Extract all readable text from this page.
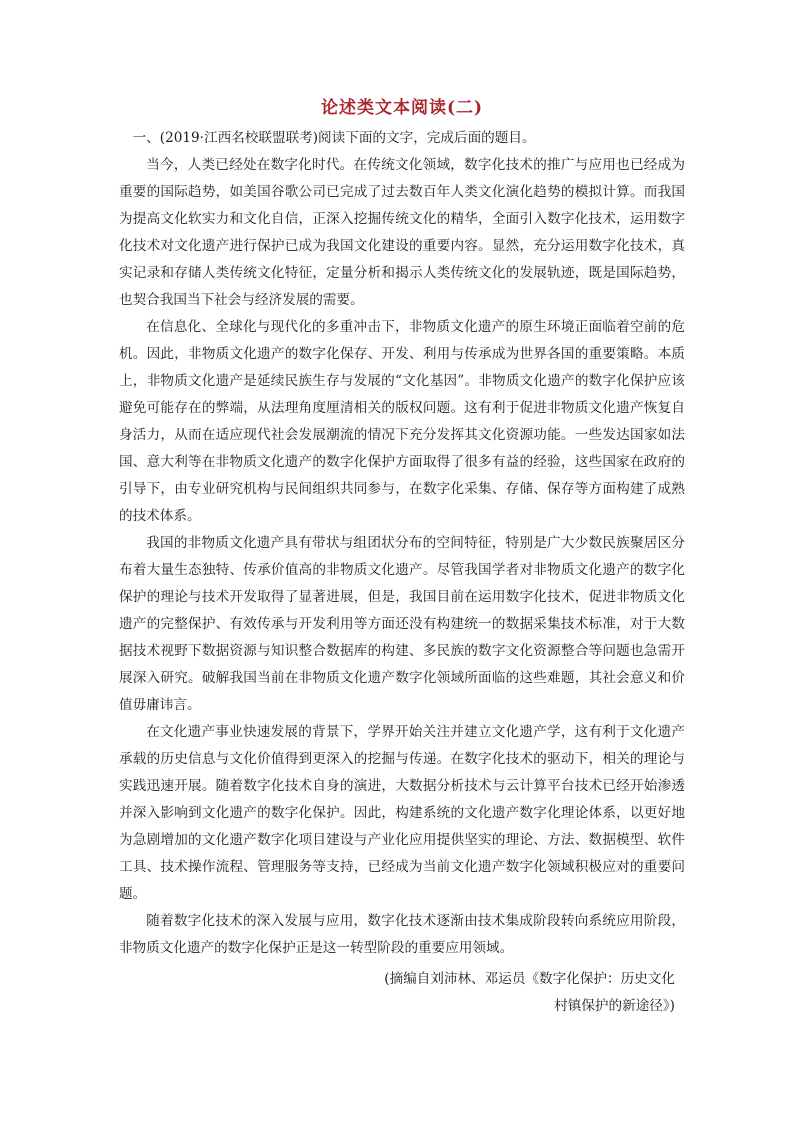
论述类文本阅读(二)

一、(2019·江西名校联盟联考)阅读下面的文字，完成后面的题目。

当今，人类已经处在数字化时代。在传统文化领域，数字化技术的推广与应用也已经成为重要的国际趋势，如美国谷歌公司已完成了过去数百年人类文化演化趋势的模拟计算。而我国为提高文化软实力和文化自信，正深入挖掘传统文化的精华，全面引入数字化技术，运用数字化技术对文化遗产进行保护已成为我国文化建设的重要内容。显然，充分运用数字化技术，真实记录和存储人类传统文化特征，定量分析和揭示人类传统文化的发展轨迹，既是国际趋势，也契合我国当下社会与经济发展的需要。

在信息化、全球化与现代化的多重冲击下，非物质文化遗产的原生环境正面临着空前的危机。因此，非物质文化遗产的数字化保存、开发、利用与传承成为世界各国的重要策略。本质上，非物质文化遗产是延续民族生存与发展的“文化基因”。非物质文化遗产的数字化保护应该避免可能存在的弊端，从法理角度厘清相关的版权问题。这有利于促进非物质文化遗产恢复自身活力，从而在适应现代社会发展潮流的情况下充分发挥其文化资源功能。一些发达国家如法国、意大利等在非物质文化遗产的数字化保护方面取得了很多有益的经验，这些国家在政府的引导下，由专业研究机构与民间组织共同参与，在数字化采集、存储、保存等方面构建了成熟的技术体系。

我国的非物质文化遗产具有带状与组团状分布的空间特征，特别是广大少数民族聚居区分布着大量生态独特、传承价值高的非物质文化遗产。尽管我国学者对非物质文化遗产的数字化保护的理论与技术开发取得了显著进展，但是，我国目前在运用数字化技术，促进非物质文化遗产的完整保护、有效传承与开发利用等方面还没有构建统一的数据采集技术标准，对于大数据技术视野下数据资源与知识整合数据库的构建、多民族的数字文化资源整合等问题也急需开展深入研究。破解我国当前在非物质文化遗产数字化领域所面临的这些难题，其社会意义和价值毋庸讳言。

在文化遗产事业快速发展的背景下，学界开始关注并建立文化遗产学，这有利于文化遗产承载的历史信息与文化价值得到更深入的挖掘与传递。在数字化技术的驱动下，相关的理论与实践迅速开展。随着数字化技术自身的演进，大数据分析技术与云计算平台技术已经开始渗透并深入影响到文化遗产的数字化保护。因此，构建系统的文化遗产数字化理论体系，以更好地为急剧增加的文化遗产数字化项目建设与产业化应用提供坚实的理论、方法、数据模型、软件工具、技术操作流程、管理服务等支持，已经成为当前文化遗产数字化领域积极应对的重要问题。

随着数字化技术的深入发展与应用，数字化技术逐渐由技术集成阶段转向系统应用阶段，非物质文化遗产的数字化保护正是这一转型阶段的重要应用领域。

(摘编自刘沛林、邓运员《数字化保护：历史文化
村镇保护的新途径》)
